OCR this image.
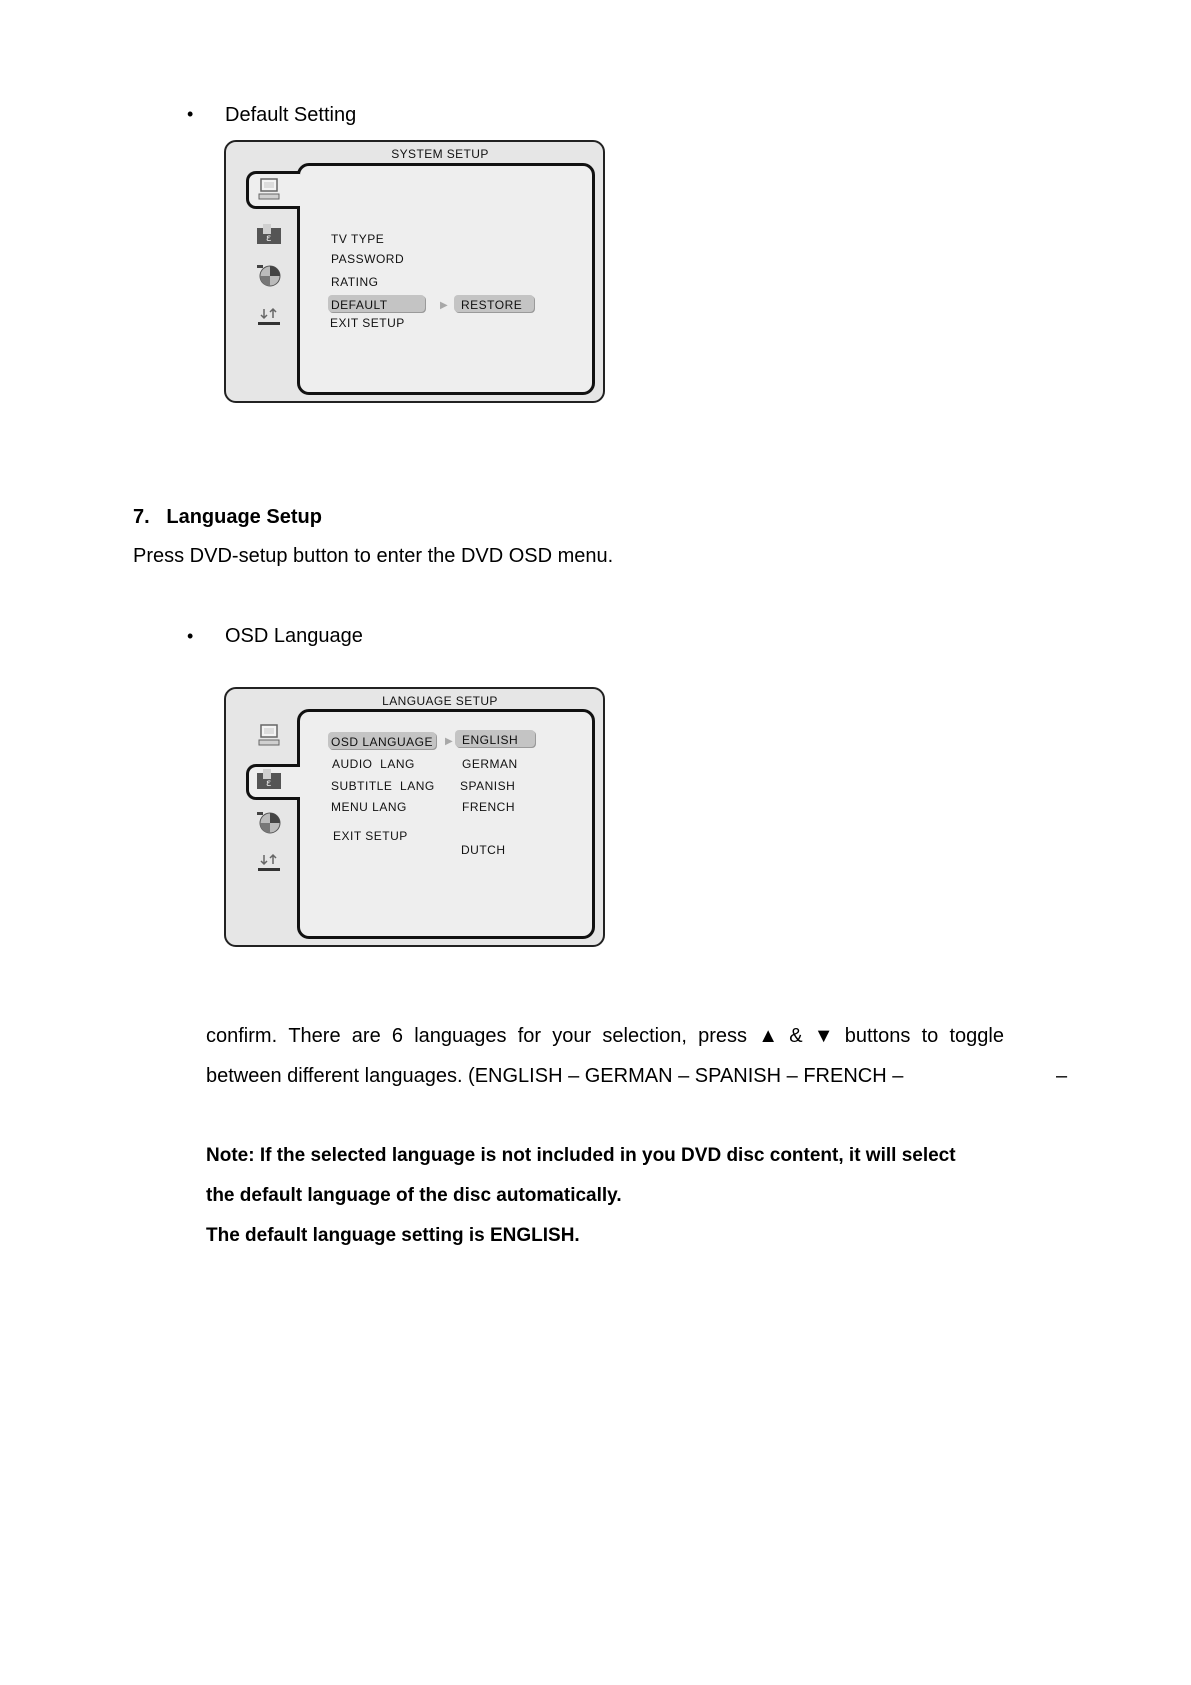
• Default Setting
SYSTEM SETUP
ε	TV TYPE
PASSWORD
RATING
DEFAULT
EXIT SETUP
▶ RESTORE
7.   Language Setup
Press DVD-setup button to enter the DVD OSD menu.
• OSD Language
LANGUAGE SETUP
ε
OSD LANGUAGE
AUDIO  LANG
SUBTITLE  LANG
MENU LANG
EXIT SETUP
▶ ENGLISH
GERMAN
SPANISH
FRENCH
DUTCH
confirm. There are 6 languages for your selection, press ▲ & ▼ buttons to toggle
between different languages. (ENGLISH – GERMAN – SPANISH – FRENCH –	–
Note: If the selected language is not included in you DVD disc content, it will select
the default language of the disc automatically.
The default language setting is ENGLISH.
